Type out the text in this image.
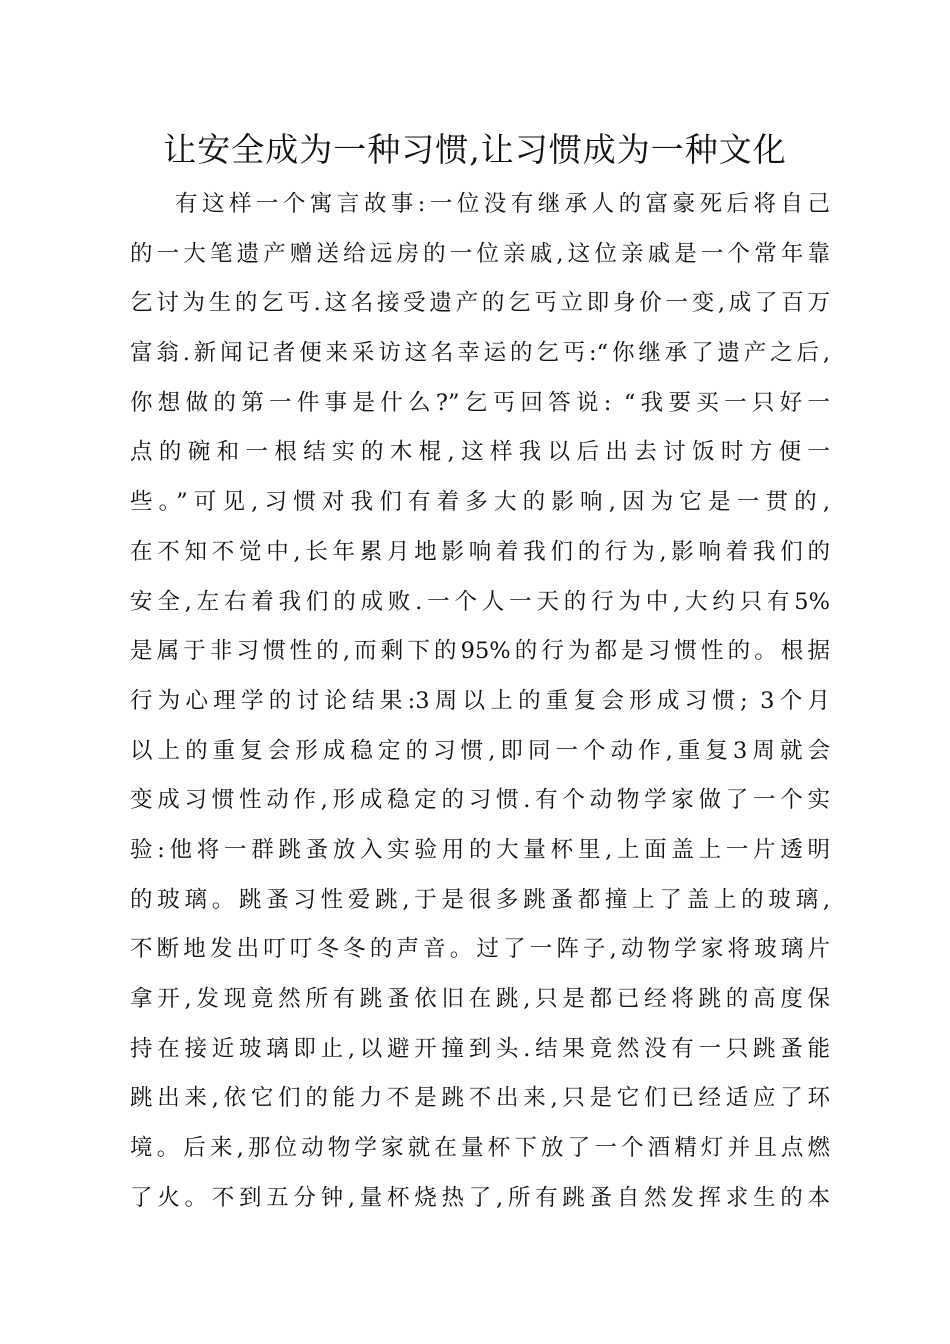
让安全成为一种习惯,让习惯成为一种文化
有这样一个寓言故事:一位没有继承人的富豪死后将自己
的一大笔遗产赠送给远房的一位亲戚,这位亲戚是一个常年靠
乞讨为生的乞丐.这名接受遗产的乞丐立即身价一变,成了百万
富翁.新闻记者便来采访这名幸运的乞丐:“你继承了遗产之后,
你想做的第一件事是什么?”乞丐回答说: “我要买一只好一
点的碗和一根结实的木棍,这样我以后出去讨饭时方便一
些。”可见,习惯对我们有着多大的影响,因为它是一贯的,
在不知不觉中,长年累月地影响着我们的行为,影响着我们的
安全,左右着我们的成败.一个人一天的行为中,大约只有5%
是属于非习惯性的,而剩下的95%的行为都是习惯性的。根据
行为心理学的讨论结果:3周以上的重复会形成习惯; 3个月
以上的重复会形成稳定的习惯,即同一个动作,重复3周就会
变成习惯性动作,形成稳定的习惯.有个动物学家做了一个实
验:他将一群跳蚤放入实验用的大量杯里,上面盖上一片透明
的玻璃。跳蚤习性爱跳,于是很多跳蚤都撞上了盖上的玻璃,
不断地发出叮叮冬冬的声音。过了一阵子,动物学家将玻璃片
拿开,发现竟然所有跳蚤依旧在跳,只是都已经将跳的高度保
持在接近玻璃即止,以避开撞到头.结果竟然没有一只跳蚤能
跳出来,依它们的能力不是跳不出来,只是它们已经适应了环
境。后来,那位动物学家就在量杯下放了一个酒精灯并且点燃
了火。不到五分钟,量杯烧热了,所有跳蚤自然发挥求生的本
